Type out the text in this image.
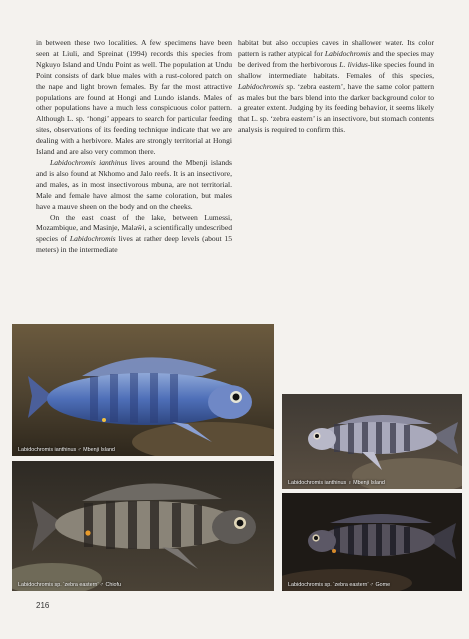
in between these two localities. A few specimens have been seen at Liuli, and Spreinat (1994) records this species from Ngkuyo Island and Undu Point as well. The population at Undu Point consists of dark blue males with a rust-colored patch on the nape and light brown females. By far the most attractive populations are found at Hongi and Lundo islands. Males of other populations have a much less conspicuous color pattern. Although L. sp. ‘hongi’ appears to search for particular feeding sites, observations of its feeding technique indicate that we are dealing with a herbivore. Males are strongly territorial at Hongi Island and are also very common there.

Labidochromis ianthinus lives around the Mbenji islands and is also found at Nkhomo and Jalo reefs. It is an insectivore, and males, as in most insectivorous mbuna, are not territorial. Male and female have almost the same coloration, but males have a mauve sheen on the body and on the cheeks.

On the east coast of the lake, between Lumessi, Mozambique, and Masinje, Malaŵi, a scientifically undescribed species of Labidochromis lives at rather deep levels (about 15 meters) in the intermediate

habitat but also occupies caves in shallower water. Its color pattern is rather atypical for Labidochromis and the species may be derived from the herbivorous L. lividus-like species found in shallow intermediate habitats. Females of this species, Labidochromis sp. ‘zebra eastern’, have the same color pattern as males but the bars blend into the darker background color to a greater extent. Judging by its feeding behavior, it seems likely that L. sp. ‘zebra eastern’ is an insectivore, but stomach contents analysis is required to confirm this.

Labidochromis ianthinus ♂ Mbenji Island
Labidochromis ianthinus ♀ Mbenji Island
Labidochromis sp. ‘zebra eastern’ ♂ Chiofu	Labidochromis sp. ‘zebra eastern’ ♂ Gome
216
